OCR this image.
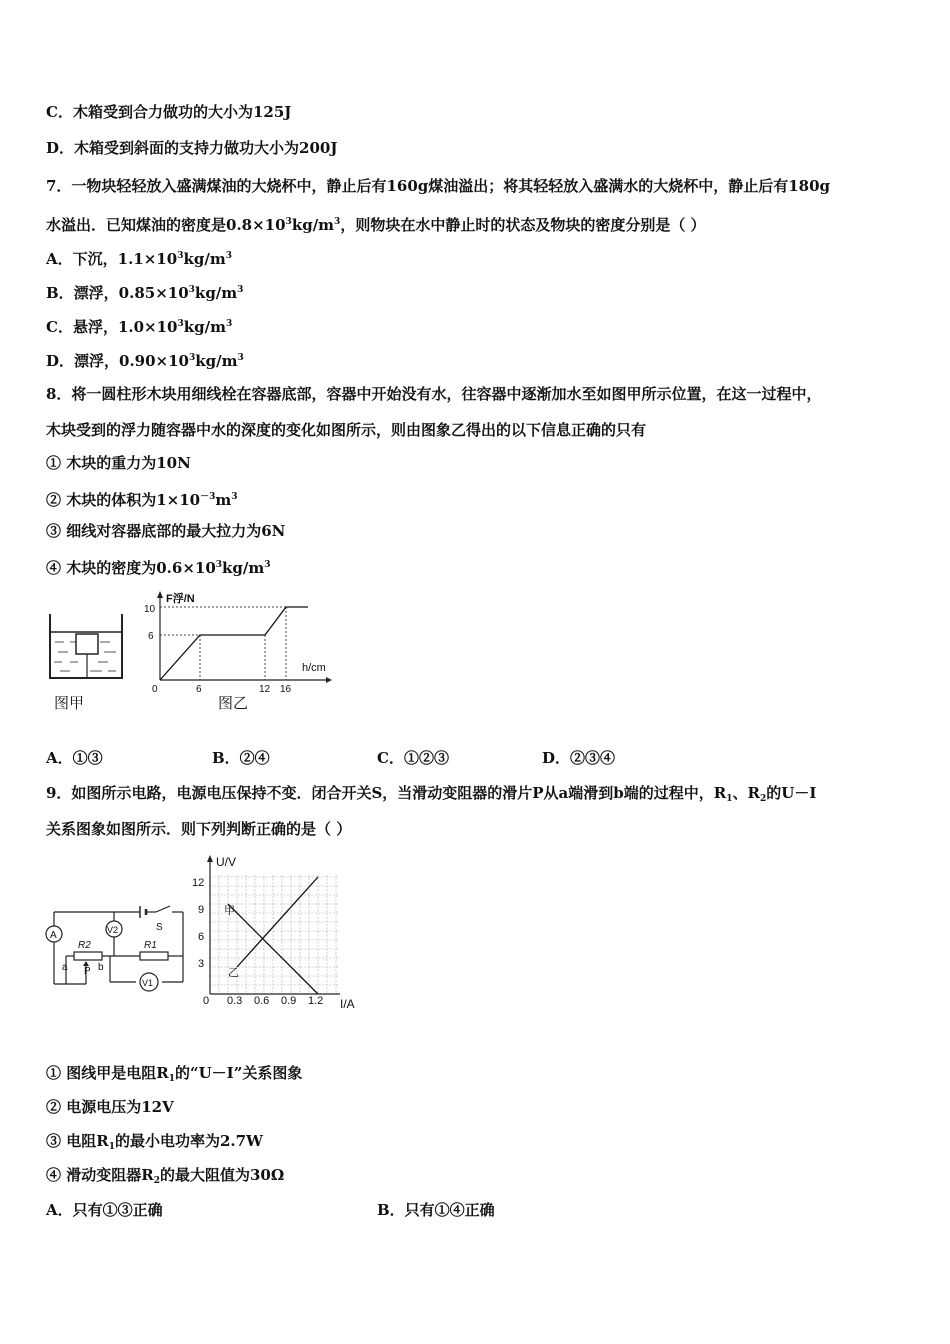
C．木箱受到合力做功的大小为125J
D．木箱受到斜面的支持力做功大小为200J
7．一物块轻轻放入盛满煤油的大烧杯中，静止后有160g煤油溢出；将其轻轻放入盛满水的大烧杯中，静止后有180g
水溢出．已知煤油的密度是$0.8\times 10^3kg/m^3$，则物块在水中静止时的状态及物块的密度分别是（ ）
A．下沉，$1.1\times 10^3kg/m^3$
B．漂浮，$0.85\times 10^3kg/m^3$
C．悬浮，$1.0\times 10^3kg/m^3$
D．漂浮，$0.90\times 10^3kg/m^3$
8．将一圆柱形木块用细线栓在容器底部，容器中开始没有水，往容器中逐渐加水至如图甲所示位置，在这一过程中，
木块受到的浮力随容器中水的深度的变化如图所示，则由图象乙得出的以下信息正确的只有
① 木块的重力为10N
② 木块的体积为$1\times 10^{-3}m^3$
③ 细线对容器底部的最大拉力为6N
④ 木块的密度为$0.6\times 10^3kg/m^3$
图甲
F浮/N
h/cm
10
6
0	6	12 16
图乙
A．①③	B．②④	C．①②③	D．②③④
9．如图所示电路，电源电压保持不变．闭合开关S，当滑动变阻器的滑片P从a端滑到b端的过程中，$R_1$、$R_2$的U－I
关系图象如图所示．则下列判断正确的是（ ）
A	V2
V1
R2	R1
a	b
P
S
U/V
I/A
12
9
6
3
0 0.3 0.6 0.9 1.2
甲
乙
① 图线甲是电阻$R_1$的“U－I”关系图象
② 电源电压为12V
③ 电阻$R_1$的最小电功率为2.7W
④ 滑动变阻器$R_2$的最大阻值为30Ω
A．只有①③正确	B．只有①④正确
